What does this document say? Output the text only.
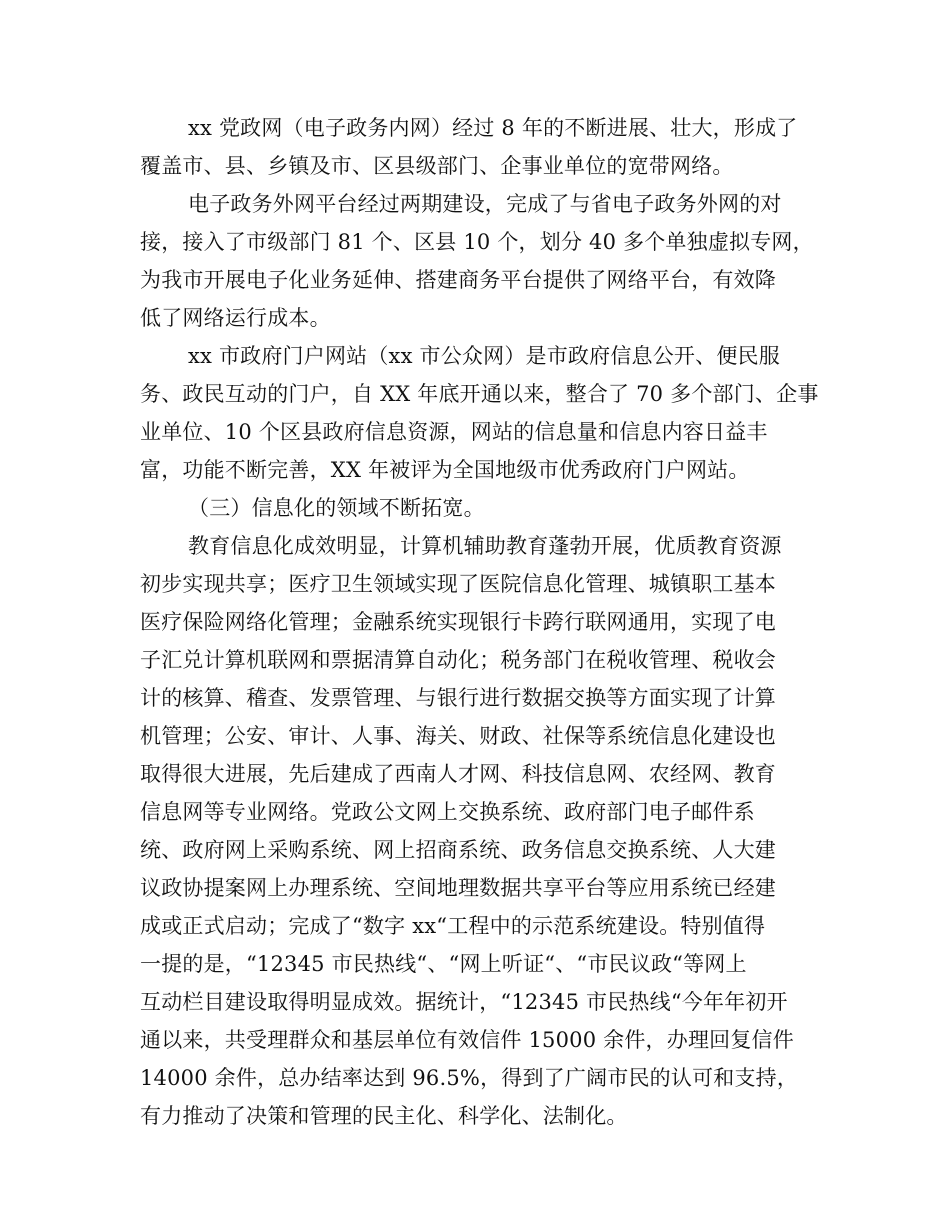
xx 党政网（电子政务内网）经过 8 年的不断进展、壮大，形成了
覆盖市、县、乡镇及市、区县级部门、企事业单位的宽带网络。
电子政务外网平台经过两期建设，完成了与省电子政务外网的对
接，接入了市级部门 81 个、区县 10 个，划分 40 多个单独虚拟专网，
为我市开展电子化业务延伸、搭建商务平台提供了网络平台，有效降
低了网络运行成本。
xx 市政府门户网站（xx 市公众网）是市政府信息公开、便民服
务、政民互动的门户，自 XX 年底开通以来，整合了 70 多个部门、企事
业单位、10 个区县政府信息资源，网站的信息量和信息内容日益丰
富，功能不断完善，XX 年被评为全国地级市优秀政府门户网站。
（三）信息化的领域不断拓宽。
教育信息化成效明显，计算机辅助教育蓬勃开展，优质教育资源
初步实现共享；医疗卫生领域实现了医院信息化管理、城镇职工基本
医疗保险网络化管理；金融系统实现银行卡跨行联网通用，实现了电
子汇兑计算机联网和票据清算自动化；税务部门在税收管理、税收会
计的核算、稽查、发票管理、与银行进行数据交换等方面实现了计算
机管理；公安、审计、人事、海关、财政、社保等系统信息化建设也
取得很大进展，先后建成了西南人才网、科技信息网、农经网、教育
信息网等专业网络。党政公文网上交换系统、政府部门电子邮件系
统、政府网上采购系统、网上招商系统、政务信息交换系统、人大建
议政协提案网上办理系统、空间地理数据共享平台等应用系统已经建
成或正式启动；完成了“数字 xx“工程中的示范系统建设。特别值得
一提的是，“12345 市民热线“、“网上听证“、“市民议政“等网上
互动栏目建设取得明显成效。据统计，“12345 市民热线“今年年初开
通以来，共受理群众和基层单位有效信件 15000 余件，办理回复信件
14000 余件，总办结率达到 96.5%，得到了广阔市民的认可和支持，
有力推动了决策和管理的民主化、科学化、法制化。
